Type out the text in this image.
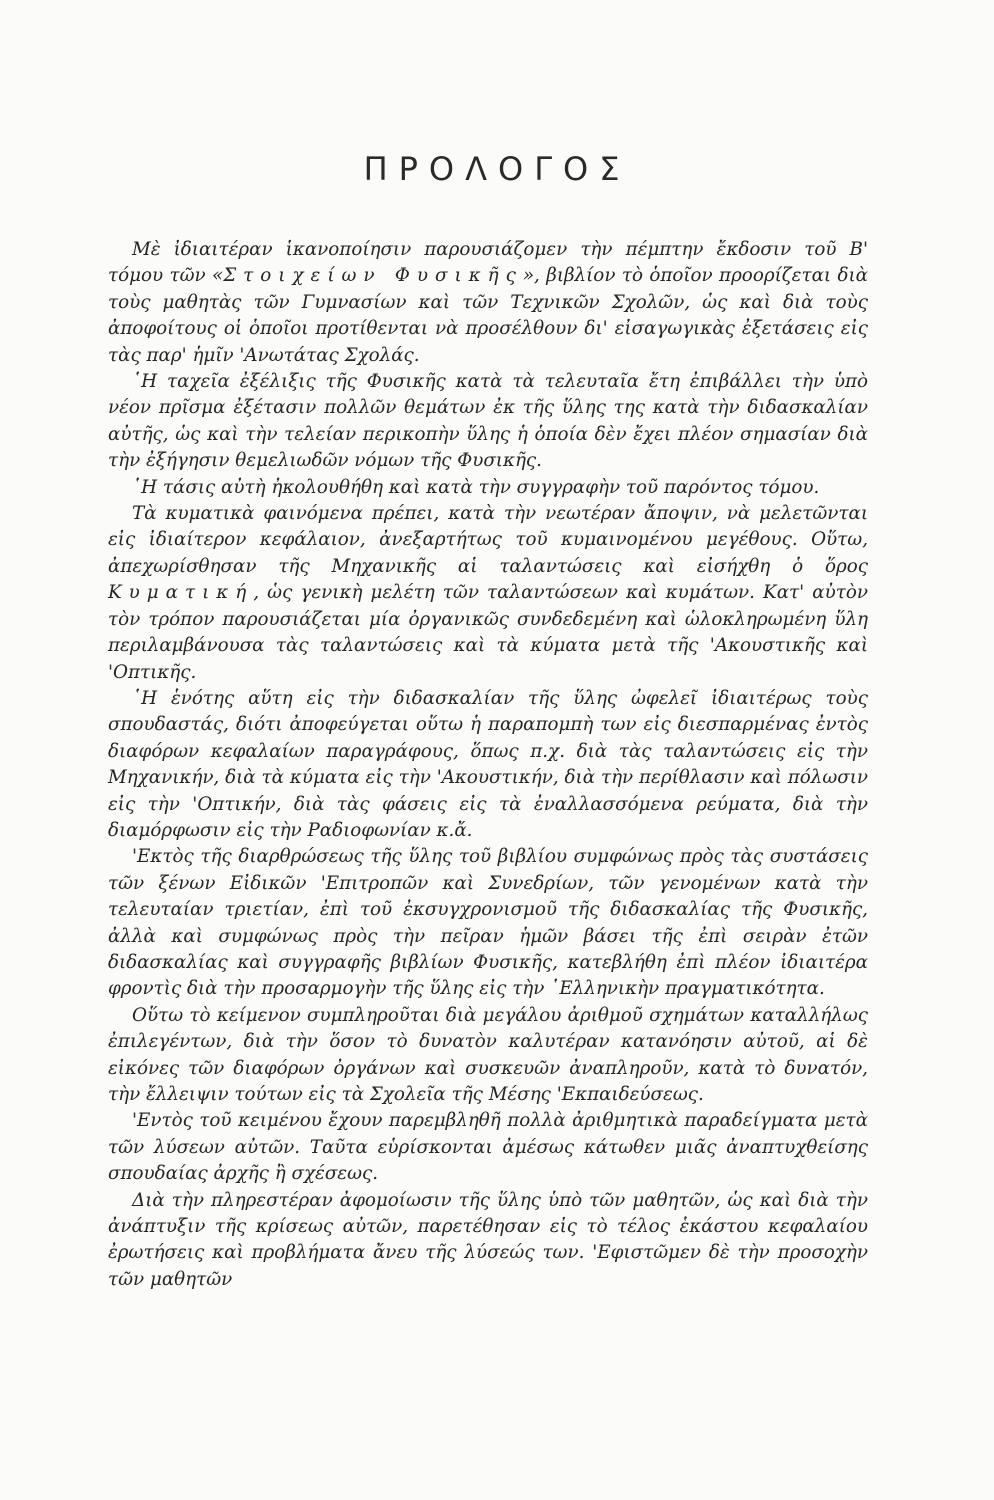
ΠΡΟΛΟΓΟΣ

Μὲ ἰδιαιτέραν ἱκανοποίησιν παρουσιάζομεν τὴν πέμπτην ἔκδοσιν τοῦ Β' τόμου τῶν «Στοιχείων Φυσικῆς», βιβλίον τὸ ὁποῖον προορίζεται διὰ τοὺς μαθητὰς τῶν Γυμνασίων καὶ τῶν Τεχνικῶν Σχολῶν, ὡς καὶ διὰ τοὺς ἀποφοίτους οἱ ὁποῖοι προτίθενται νὰ προσέλθουν δι' εἰσαγωγικὰς ἐξετάσεις εἰς τὰς παρ' ἡμῖν 'Ανωτάτας Σχολάς.

῾Η ταχεῖα ἐξέλιξις τῆς Φυσικῆς κατὰ τὰ τελευταῖα ἔτη ἐπιβάλλει τὴν ὑπὸ νέον πρῖσμα ἐξέτασιν πολλῶν θεμάτων ἐκ τῆς ὕλης της κατὰ τὴν διδασκαλίαν αὐτῆς, ὡς καὶ τὴν τελείαν περικοπὴν ὕλης ἡ ὁποία δὲν ἔχει πλέον σημασίαν διὰ τὴν ἐξήγησιν θεμελιωδῶν νόμων τῆς Φυσικῆς.

῾Η τάσις αὐτὴ ἠκολουθήθη καὶ κατὰ τὴν συγγραφὴν τοῦ παρόντος τόμου.

Τὰ κυματικὰ φαινόμενα πρέπει, κατὰ τὴν νεωτέραν ἄποψιν, νὰ μελετῶνται εἰς ἰδιαίτερον κεφάλαιον, ἀνεξαρτήτως τοῦ κυμαινομένου μεγέθους. Οὕτω, ἀπεχωρίσθησαν τῆς Μηχανικῆς αἱ ταλαντώσεις καὶ εἰσήχθη ὁ ὅρος Κυματική, ὡς γενικὴ μελέτη τῶν ταλαντώσεων καὶ κυμάτων. Κατ' αὐτὸν τὸν τρόπον παρουσιάζεται μία ὀργανικῶς συνδεδεμένη καὶ ὡλοκληρωμένη ὕλη περιλαμβάνουσα τὰς ταλαντώσεις καὶ τὰ κύματα μετὰ τῆς 'Ακουστικῆς καὶ 'Οπτικῆς.

῾Η ἑνότης αὕτη εἰς τὴν διδασκαλίαν τῆς ὕλης ὠφελεῖ ἰδιαιτέρως τοὺς σπουδαστάς, διότι ἀποφεύγεται οὕτω ἡ παραπομπὴ των εἰς διεσπαρμένας ἐντὸς διαφόρων κεφαλαίων παραγράφους, ὅπως π.χ. διὰ τὰς ταλαντώσεις εἰς τὴν Μηχανικήν, διὰ τὰ κύματα εἰς τὴν 'Ακουστικήν, διὰ τὴν περίθλασιν καὶ πόλωσιν εἰς τὴν 'Οπτικήν, διὰ τὰς φάσεις εἰς τὰ ἐναλλασσόμενα ρεύματα, διὰ τὴν διαμόρφωσιν εἰς τὴν Ραδιοφωνίαν κ.ἄ.

'Εκτὸς τῆς διαρθρώσεως τῆς ὕλης τοῦ βιβλίου συμφώνως πρὸς τὰς συστάσεις τῶν ξένων Εἰδικῶν 'Επιτροπῶν καὶ Συνεδρίων, τῶν γενομένων κατὰ τὴν τελευταίαν τριετίαν, ἐπὶ τοῦ ἐκσυγχρονισμοῦ τῆς διδασκαλίας τῆς Φυσικῆς, ἀλλὰ καὶ συμφώνως πρὸς τὴν πεῖραν ἡμῶν βάσει τῆς ἐπὶ σειρὰν ἐτῶν διδασκαλίας καὶ συγγραφῆς βιβλίων Φυσικῆς, κατεβλήθη ἐπὶ πλέον ἰδιαιτέρα φροντὶς διὰ τὴν προσαρμογὴν τῆς ὕλης εἰς τὴν ῾Ελληνικὴν πραγματικότητα.

Οὕτω τὸ κείμενον συμπληροῦται διὰ μεγάλου ἀριθμοῦ σχημάτων καταλλήλως ἐπιλεγέντων, διὰ τὴν ὅσον τὸ δυνατὸν καλυτέραν κατανόησιν αὐτοῦ, αἱ δὲ εἰκόνες τῶν διαφόρων ὀργάνων καὶ συσκευῶν ἀναπληροῦν, κατὰ τὸ δυνατόν, τὴν ἔλλειψιν τούτων εἰς τὰ Σχολεῖα τῆς Μέσης 'Εκπαιδεύσεως.

'Εντὸς τοῦ κειμένου ἔχουν παρεμβληθῆ πολλὰ ἀριθμητικὰ παραδείγματα μετὰ τῶν λύσεων αὐτῶν. Ταῦτα εὑρίσκονται ἀμέσως κάτωθεν μιᾶς ἀναπτυχθείσης σπουδαίας ἀρχῆς ἢ σχέσεως.

Διὰ τὴν πληρεστέραν ἀφομοίωσιν τῆς ὕλης ὑπὸ τῶν μαθητῶν, ὡς καὶ διὰ τὴν ἀνάπτυξιν τῆς κρίσεως αὐτῶν, παρετέθησαν εἰς τὸ τέλος ἑκάστου κεφαλαίου ἐρωτήσεις καὶ προβλήματα ἄνευ τῆς λύσεώς των. 'Εφιστῶμεν δὲ τὴν προσοχὴν τῶν μαθητῶν
